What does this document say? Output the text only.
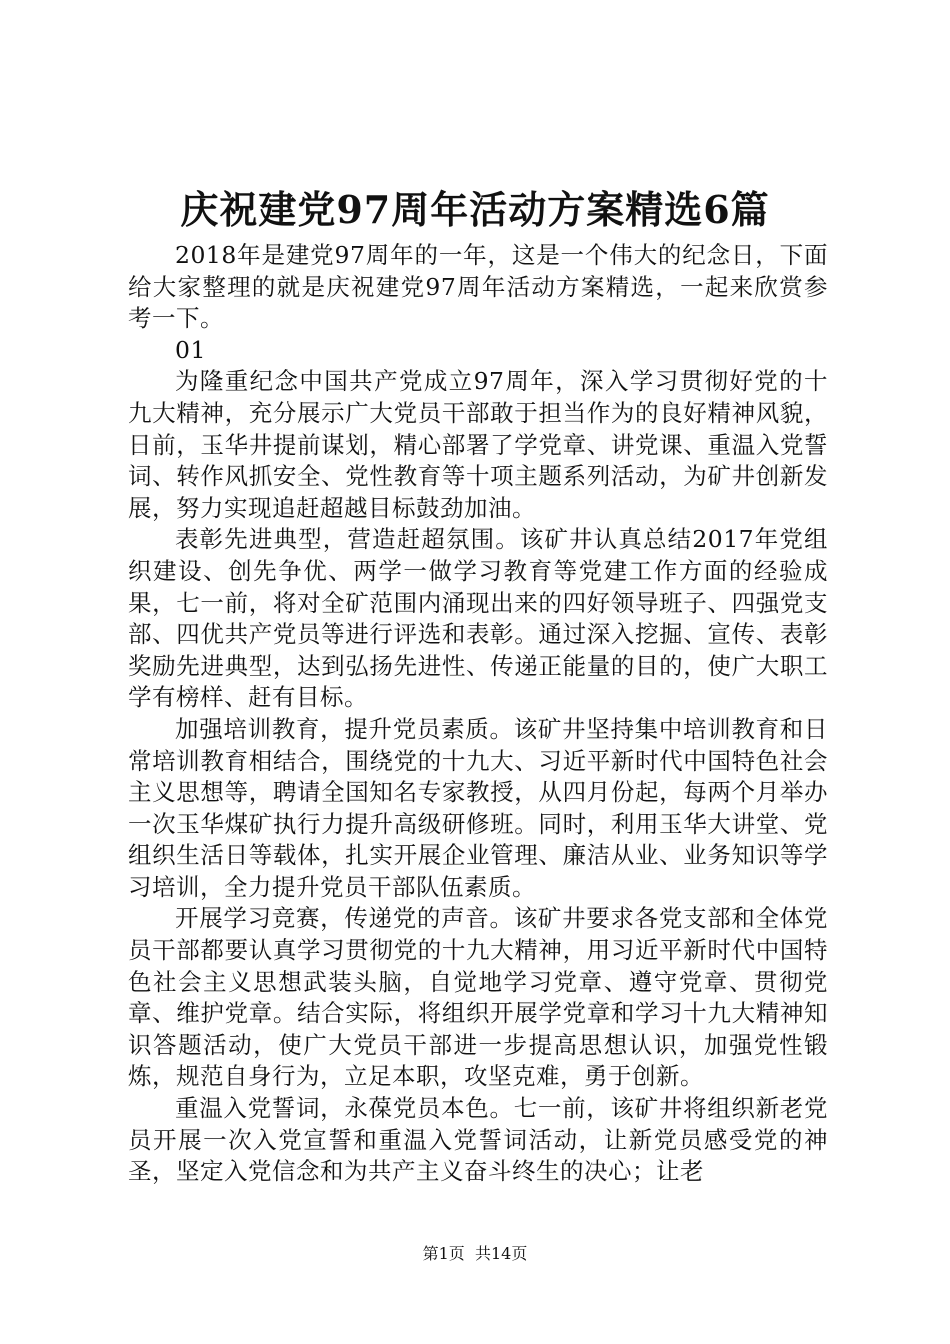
庆祝建党97周年活动方案精选6篇

2018年是建党97周年的一年，这是一个伟大的纪念日，下面给大家整理的就是庆祝建党97周年活动方案精选，一起来欣赏参考一下。

01

为隆重纪念中国共产党成立97周年，深入学习贯彻好党的十九大精神，充分展示广大党员干部敢于担当作为的良好精神风貌，日前，玉华井提前谋划，精心部署了学党章、讲党课、重温入党誓词、转作风抓安全、党性教育等十项主题系列活动，为矿井创新发展，努力实现追赶超越目标鼓劲加油。

表彰先进典型，营造赶超氛围。该矿井认真总结2017年党组织建设、创先争优、两学一做学习教育等党建工作方面的经验成果，七一前，将对全矿范围内涌现出来的四好领导班子、四强党支部、四优共产党员等进行评选和表彰。通过深入挖掘、宣传、表彰奖励先进典型，达到弘扬先进性、传递正能量的目的，使广大职工学有榜样、赶有目标。

加强培训教育，提升党员素质。该矿井坚持集中培训教育和日常培训教育相结合，围绕党的十九大、习近平新时代中国特色社会主义思想等，聘请全国知名专家教授，从四月份起，每两个月举办一次玉华煤矿执行力提升高级研修班。同时，利用玉华大讲堂、党组织生活日等载体，扎实开展企业管理、廉洁从业、业务知识等学习培训，全力提升党员干部队伍素质。

开展学习竞赛，传递党的声音。该矿井要求各党支部和全体党员干部都要认真学习贯彻党的十九大精神，用习近平新时代中国特色社会主义思想武装头脑，自觉地学习党章、遵守党章、贯彻党章、维护党章。结合实际，将组织开展学党章和学习十九大精神知识答题活动，使广大党员干部进一步提高思想认识，加强党性锻炼，规范自身行为，立足本职，攻坚克难，勇于创新。

重温入党誓词，永葆党员本色。七一前，该矿井将组织新老党员开展一次入党宣誓和重温入党誓词活动，让新党员感受党的神圣，坚定入党信念和为共产主义奋斗终生的决心；让老

第1页 共14页
